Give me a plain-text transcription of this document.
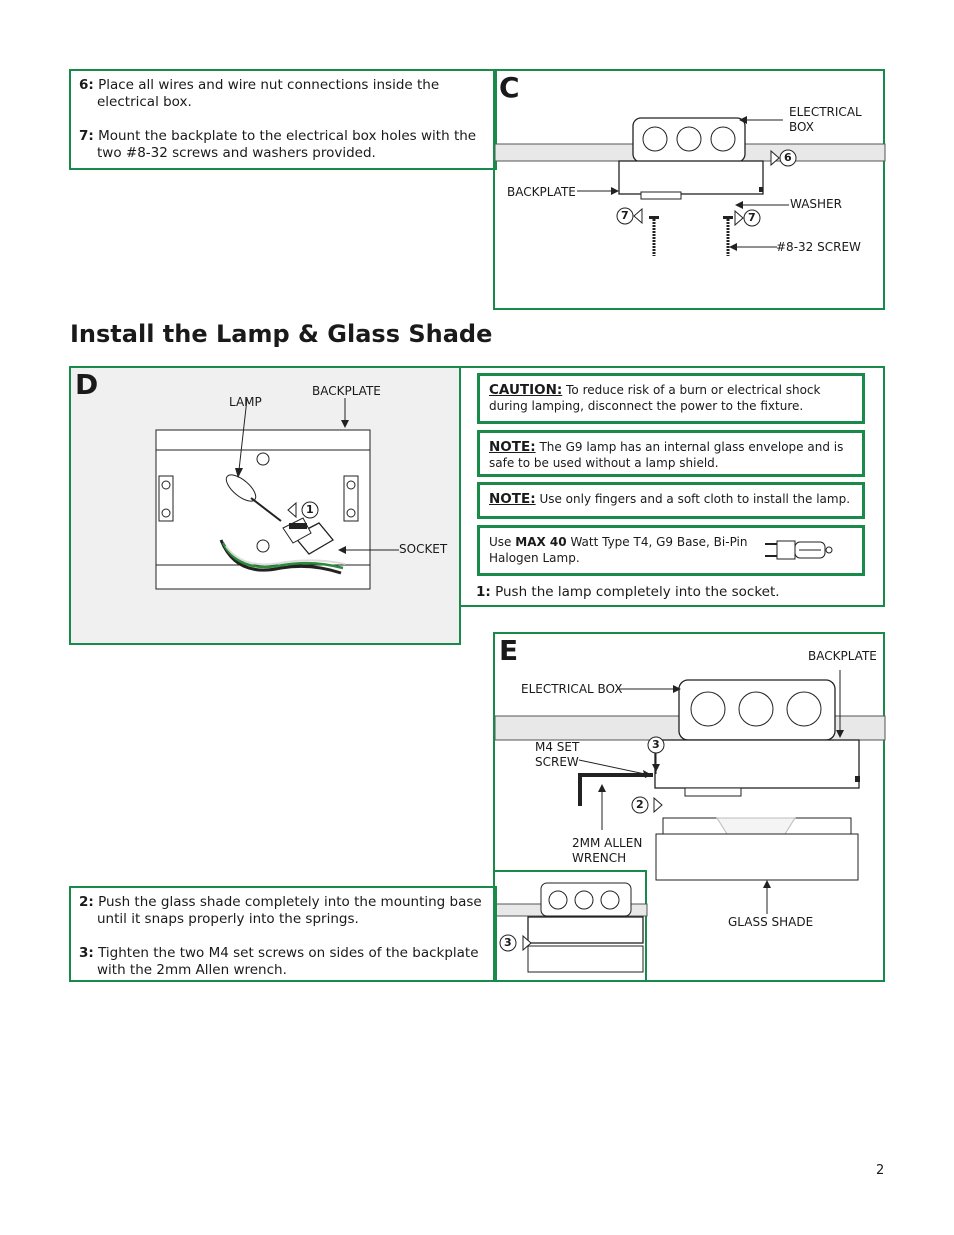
6: Place all wires and wire nut connections inside the electrical box.

7: Mount the backplate to the electrical box holes with the two #8-32 screws and washers provided.

C
6
7	7
ELECTRICAL BOX
BACKPLATE
WASHER
#8-32 SCREW
Install the Lamp & Glass Shade
D
1
LAMP
BACKPLATE
SOCKET
CAUTION: To reduce risk of a burn or electrical shock during lamping, disconnect the power to the fixture.
NOTE: The G9 lamp has an internal glass envelope and is safe to be used without a lamp shield.
NOTE: Use only fingers and a soft cloth to install the lamp.
Use MAX 40 Watt Type T4, G9 Base, Bi-Pin Halogen Lamp.

1: Push the lamp completely into the socket.

E
3
2
BACKPLATE
ELECTRICAL BOX
M4 SET SCREW
2MM ALLEN WRENCH
GLASS SHADE
3

2: Push the glass shade completely into the mounting base until it snaps properly into the springs.

3: Tighten the two M4 set screws on sides of the backplate with the 2mm Allen wrench.

2
